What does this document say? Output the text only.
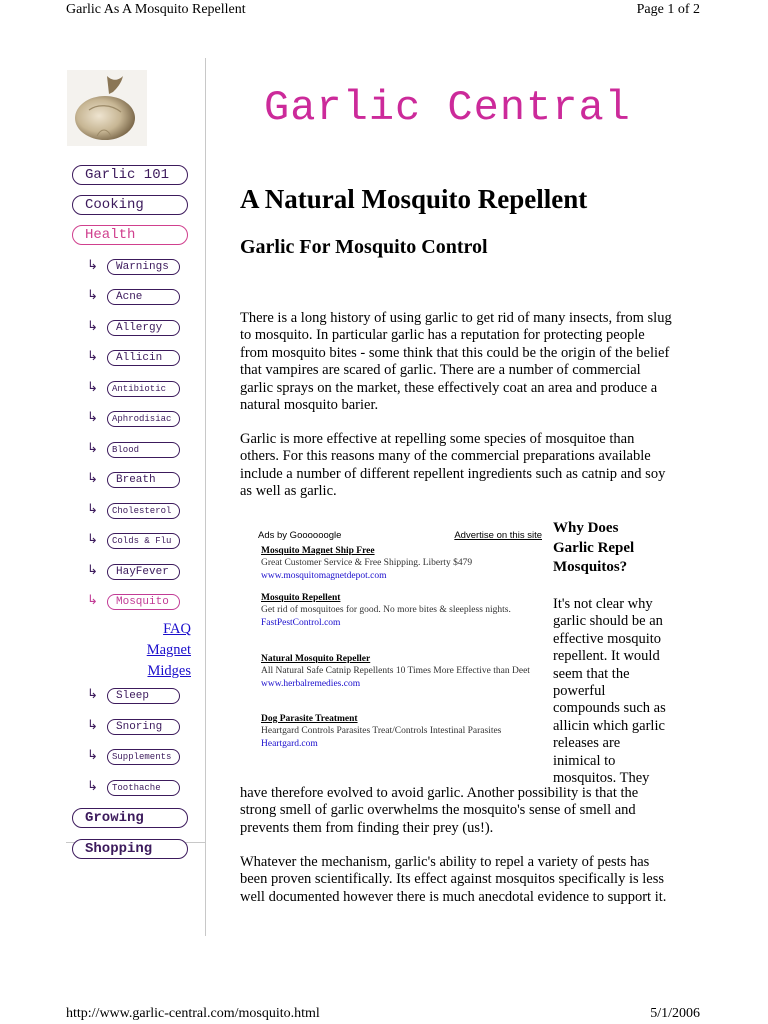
Garlic As A Mosquito Repellent	Page 1 of 2
Garlic Central
Garlic 101
Cooking
Health
↳	Warnings
↳	Acne
↳	Allergy
↳	Allicin
↳	Antibiotic
↳	Aphrodisiac
↳	Blood
↳	Breath
↳	Cholesterol
↳	Colds & Flu
↳	HayFever
↳	Mosquito
FAQ
Magnet
Midges
↳	Sleep
↳	Snoring
↳	Supplements
↳	Toothache
Growing
Shopping
A Natural Mosquito Repellent
Garlic For Mosquito Control

There is a long history of using garlic to get rid of many insects, from slug to mosquito. In particular garlic has a reputation for protecting people from mosquito bites - some think that this could be the origin of the belief that vampires are scared of garlic. There are a number of commercial garlic sprays on the market, these effectively coat an area and produce a natural mosquito barier.

Garlic is more effective at repelling some species of mosquitoe than others. For this reasons many of the commercial preparations available include a number of different repellent ingredients such as catnip and soy as well as garlic.

Ads by Goooooogle	Advertise on this site
Mosquito Magnet Ship Free
Great Customer Service & Free Shipping. Liberty $479
www.mosquitomagnetdepot.com
Mosquito Repellent
Get rid of mosquitoes for good. No more bites & sleepless nights.
FastPestControl.com
Natural Mosquito Repeller
All Natural Safe Catnip Repellents 10 Times More Effective than Deet
www.herbalremedies.com
Dog Parasite Treatment
Heartgard Controls Parasites Treat/Controls Intestinal Parasites
Heartgard.com
Why Does
Garlic Repel
Mosquitos?

It's not clear why garlic should be an effective mosquito repellent. It would seem that the powerful compounds such as allicin which garlic releases are inimical to mosquitos. They

have therefore evolved to avoid garlic. Another possibility is that the strong smell of garlic overwhelms the mosquito's sense of smell and prevents them from finding their prey (us!).

Whatever the mechanism, garlic's ability to repel a variety of pests has been proven scientifically. Its effect against mosquitos specifically is less well documented however there is much anecdotal evidence to support it.

http://www.garlic-central.com/mosquito.html	5/1/2006
